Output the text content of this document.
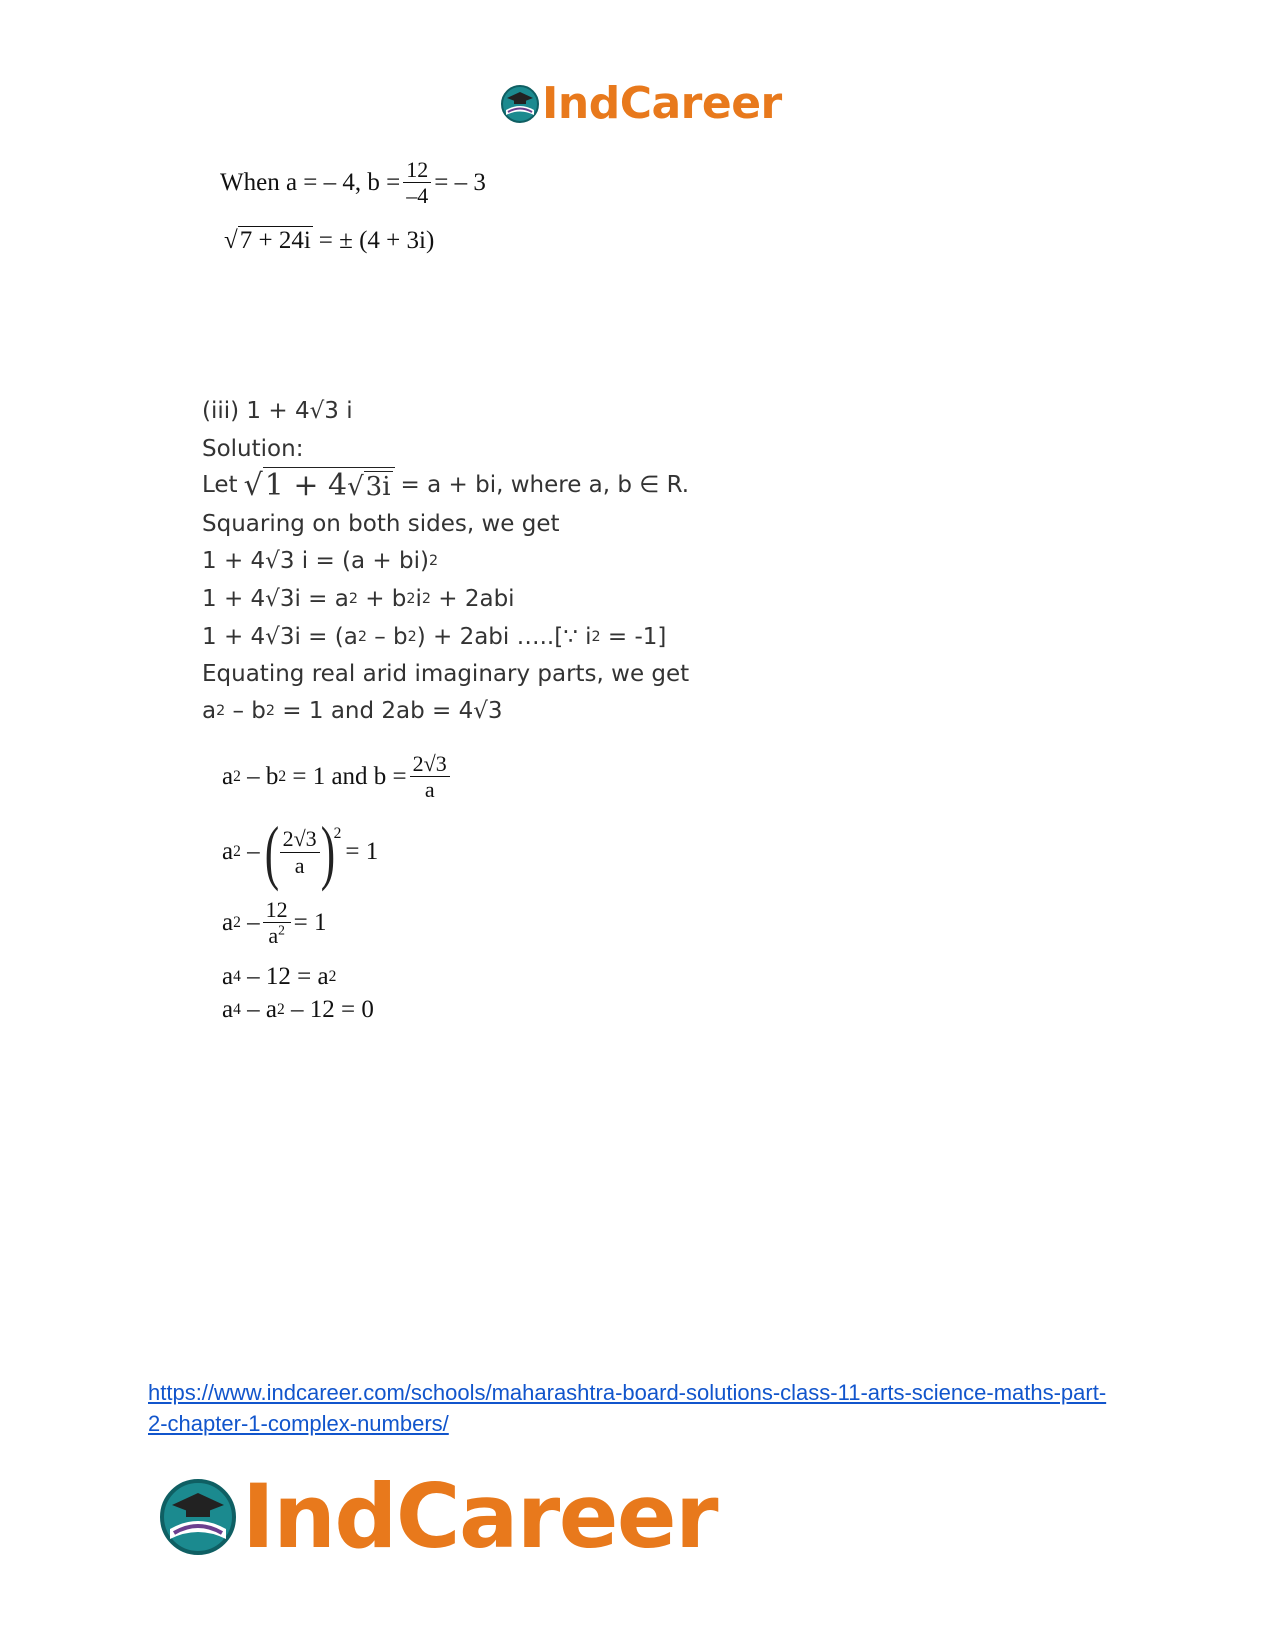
IndCareer
When a = – 4, $b = \frac{12}{-4}$ = – 3
√ 7 + 24i = ± (4 + 3i)
(iii) 1 + 4√3 i
Solution:
Let √ 1 + 4 √ 3i = a + bi, where a, b ∈ R.
Squaring on both sides, we get
1 + 4√3 i = (a + bi) 2
1 + 4√3i = a 2 + b 2 i 2 + 2abi
1 + 4√3i = (a 2 – b 2 ) + 2abi …..[∵ i 2 = -1]
Equating real arid imaginary parts, we get
a 2 – b 2 = 1 and 2ab = 4√3
a 2 – b 2 = 1 and $b = \frac{2√3}{a}$
a 2 – ( $\frac{2√3}{a}$ )
$^2$
= 1
a $2 - \frac{12}{a^2} = 1$
a 4 – 12 = a 2
a 4 – a 2 – 12 = 0
https://www.indcareer.com/schools/maharashtra-board-solutions-class-11-arts-science-maths-part-2-chapter-1-complex-numbers/
IndCareer
